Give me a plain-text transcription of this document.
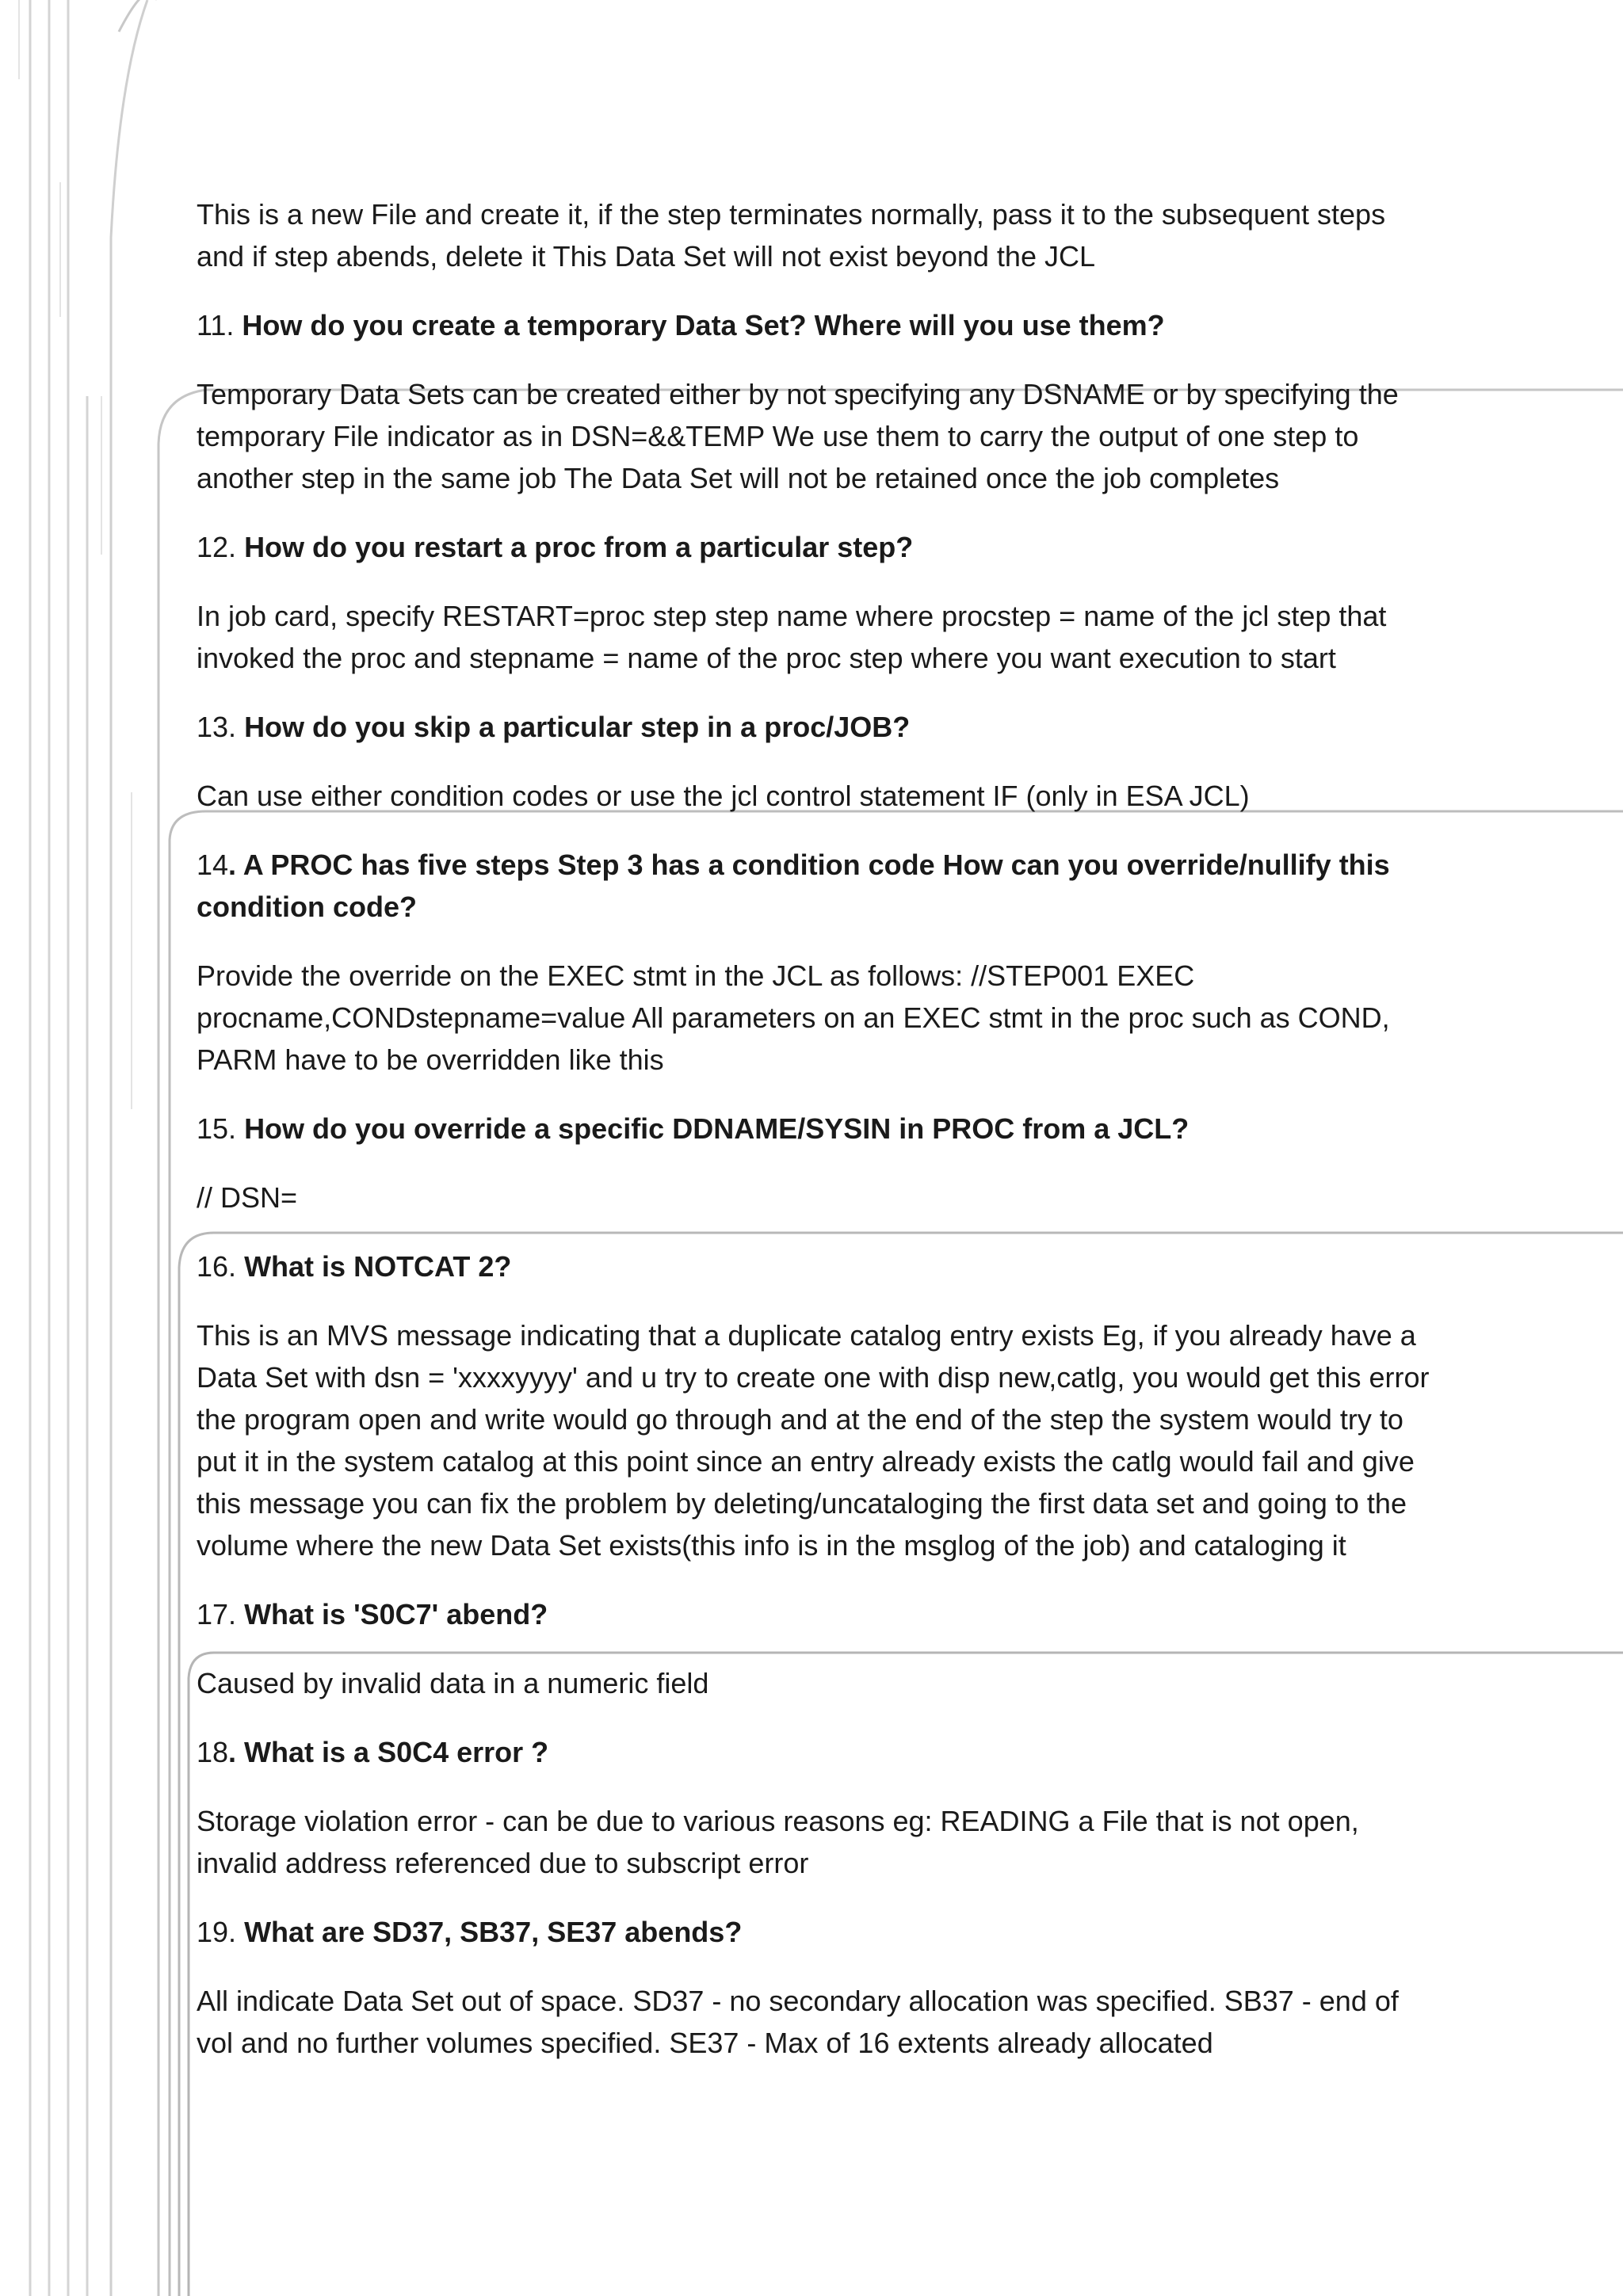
This is a new File and create it, if the step terminates normally, pass it to the subsequent steps and if step abends, delete it This Data Set will not exist beyond the JCL

11. How do you create a temporary Data Set? Where will you use them?

Temporary Data Sets can be created either by not specifying any DSNAME or by specifying the temporary File indicator as in DSN=&&TEMP We use them to carry the output of one step to another step in the same job The Data Set will not be retained once the job completes

12. How do you restart a proc from a particular step?

In job card, specify RESTART=proc step step name where procstep = name of the jcl step that invoked the proc and stepname = name of the proc step where you want execution to start

13. How do you skip a particular step in a proc/JOB?

Can use either condition codes or use the jcl control statement IF (only in ESA JCL)

14. A PROC has five steps Step 3 has a condition code How can you override/nullify this condition code?

Provide the override on the EXEC stmt in the JCL as follows: //STEP001 EXEC procname,CONDstepname=value All parameters on an EXEC stmt in the proc such as COND, PARM have to be overridden like this

15. How do you override a specific DDNAME/SYSIN in PROC from a JCL?

// DSN=

16. What is NOTCAT 2?

This is an MVS message indicating that a duplicate catalog entry exists Eg, if you already have a Data Set with dsn = 'xxxxyyyy' and u try to create one with disp new,catlg, you would get this error the program open and write would go through and at the end of the step the system would try to put it in the system catalog at this point since an entry already exists the catlg would fail and give this message you can fix the problem by deleting/uncataloging the first data set and going to the volume where the new Data Set exists(this info is in the msglog of the job) and cataloging it

17. What is 'S0C7' abend?

Caused by invalid data in a numeric field

18. What is a S0C4 error ?

Storage violation error - can be due to various reasons eg: READING a File that is not open, invalid address referenced due to subscript error

19. What are SD37, SB37, SE37 abends?

All indicate Data Set out of space. SD37 - no secondary allocation was specified. SB37 - end of vol and no further volumes specified. SE37 - Max of 16 extents already allocated
